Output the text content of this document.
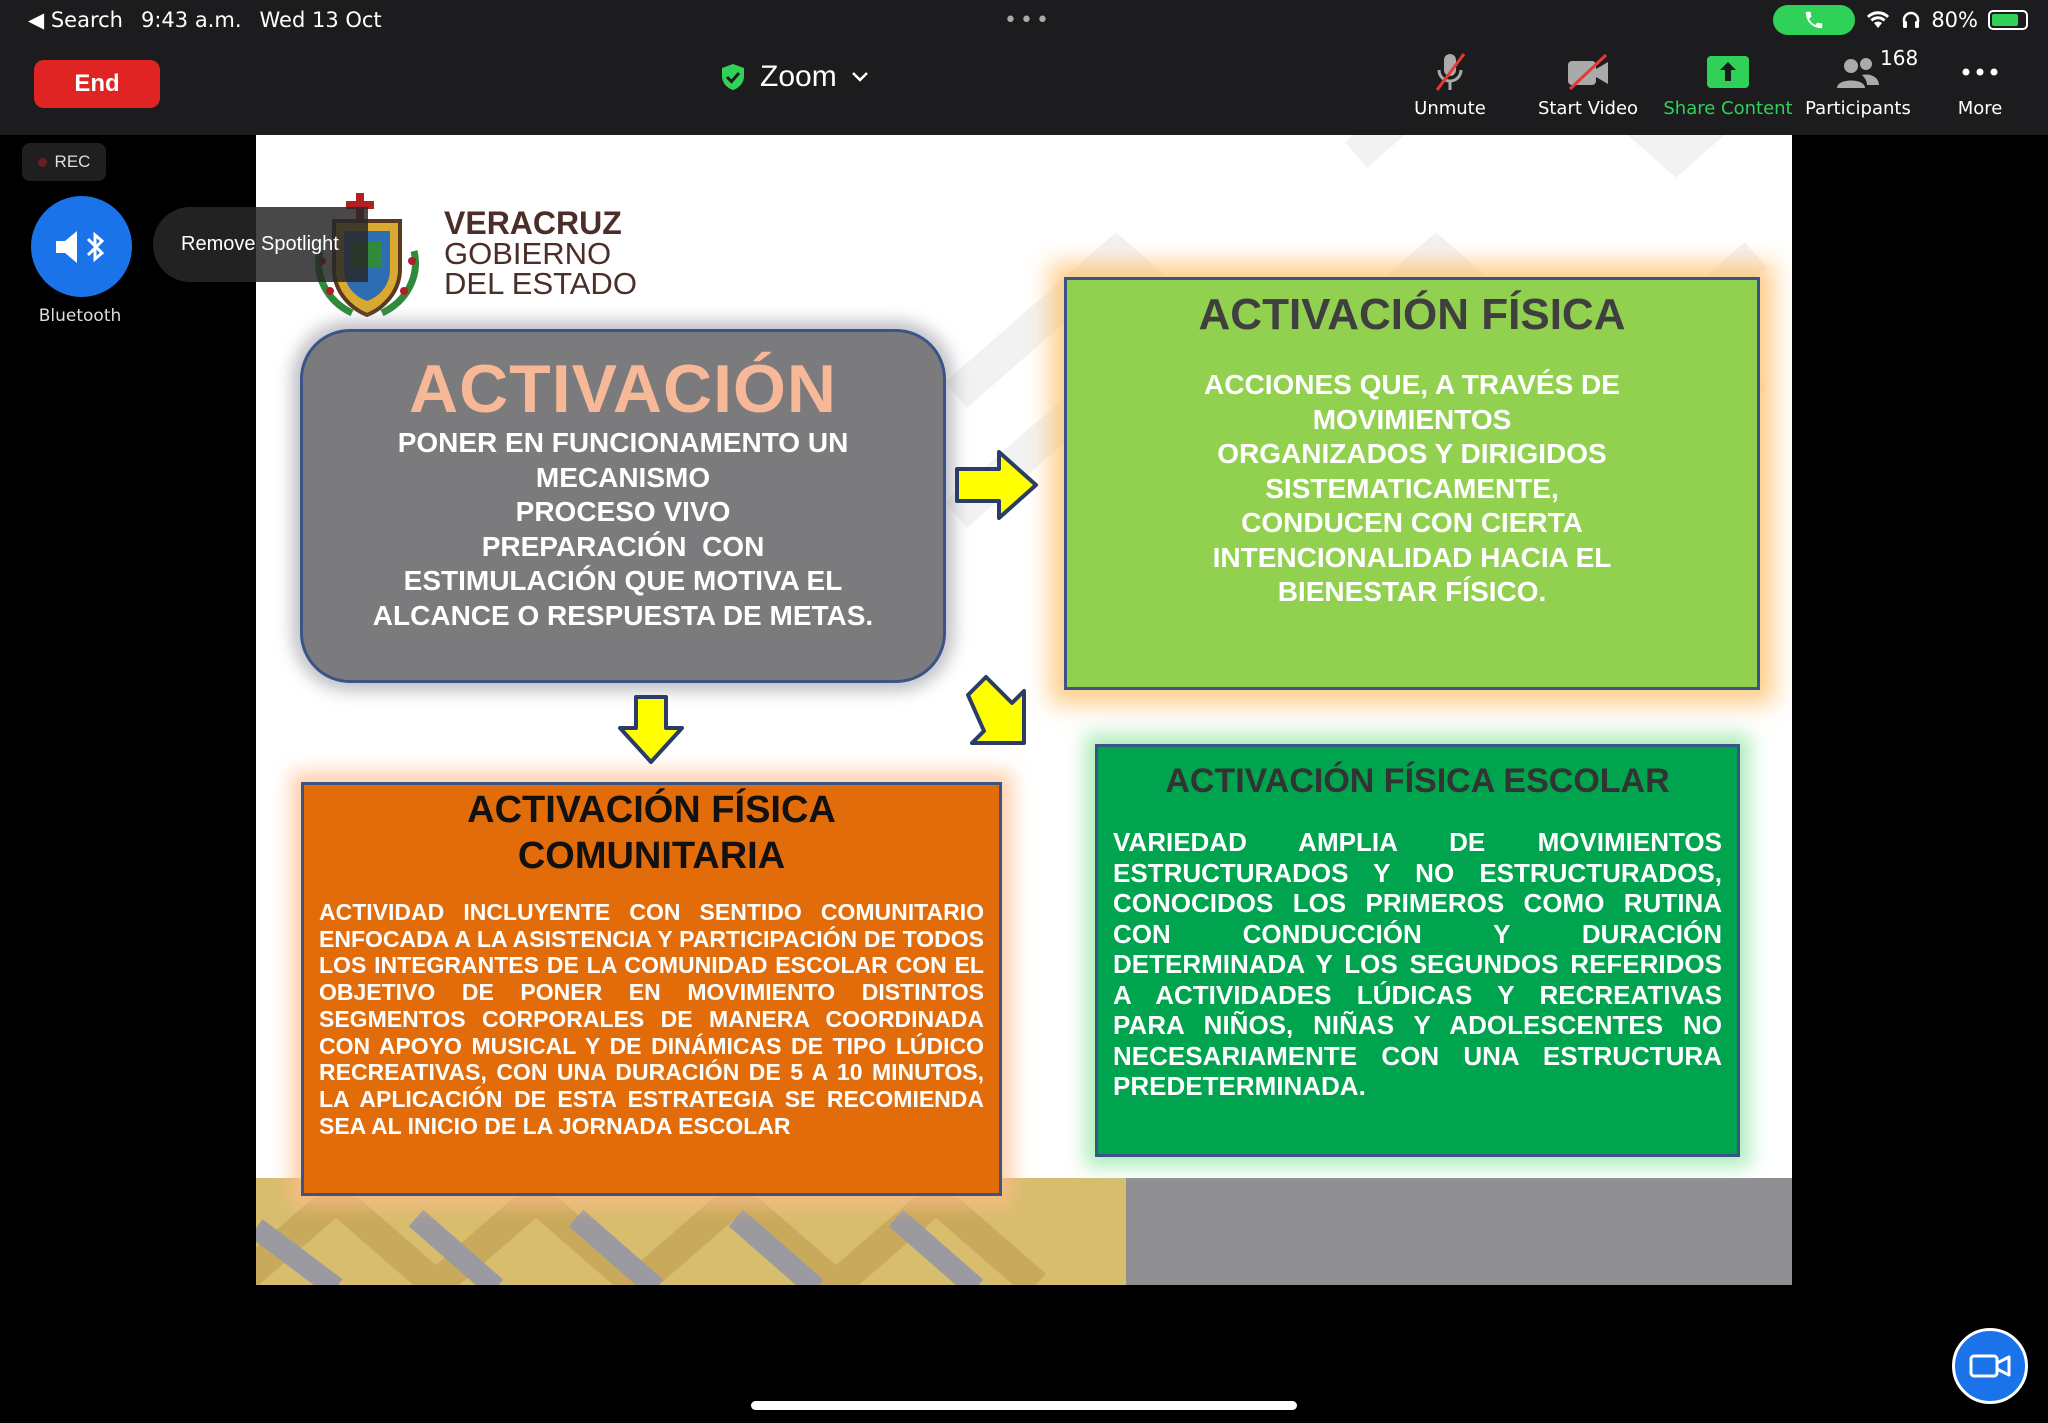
◀ Search 9:43 a.m. Wed 13 Oct	•••	80%
End	Zoom
Unmute	Start Video	Share Content
168
Participants	More
REC
Bluetooth
Remove Spotlight
VERACRUZ
GOBIERNO
DEL ESTADO
ACTIVACIÓN
PONER EN FUNCIONAMENTO UN
MECANISMO
PROCESO VIVO
PREPARACIÓN  CON
ESTIMULACIÓN QUE MOTIVA EL
ALCANCE O RESPUESTA DE METAS.
ACTIVACIÓN FÍSICA
ACCIONES QUE, A TRAVÉS DE
MOVIMIENTOS
ORGANIZADOS Y DIRIGIDOS
SISTEMATICAMENTE,
CONDUCEN CON CIERTA
INTENCIONALIDAD HACIA EL
BIENESTAR FÍSICO.
ACTIVACIÓN FÍSICA
COMUNITARIA
ACTIVIDAD INCLUYENTE CON SENTIDO COMUNITARIO ENFOCADA A LA ASISTENCIA Y PARTICIPACIÓN DE TODOS LOS INTEGRANTES DE LA COMUNIDAD ESCOLAR CON EL OBJETIVO DE PONER EN MOVIMIENTO DISTINTOS SEGMENTOS CORPORALES DE MANERA COORDINADA CON APOYO MUSICAL Y DE DINÁMICAS DE TIPO LÚDICO RECREATIVAS, CON UNA DURACIÓN DE 5 A 10 MINUTOS, LA APLICACIÓN DE ESTA ESTRATEGIA SE RECOMIENDA SEA AL INICIO DE LA JORNADA ESCOLAR
ACTIVACIÓN FÍSICA ESCOLAR
VARIEDAD AMPLIA DE MOVIMIENTOS ESTRUCTURADOS Y NO ESTRUCTURADOS, CONOCIDOS LOS PRIMEROS COMO RUTINA CON CONDUCCIÓN Y DURACIÓN DETERMINADA Y LOS SEGUNDOS REFERIDOS A ACTIVIDADES LÚDICAS Y RECREATIVAS PARA NIÑOS, NIÑAS Y ADOLESCENTES NO NECESARIAMENTE CON UNA ESTRUCTURA PREDETERMINADA.
